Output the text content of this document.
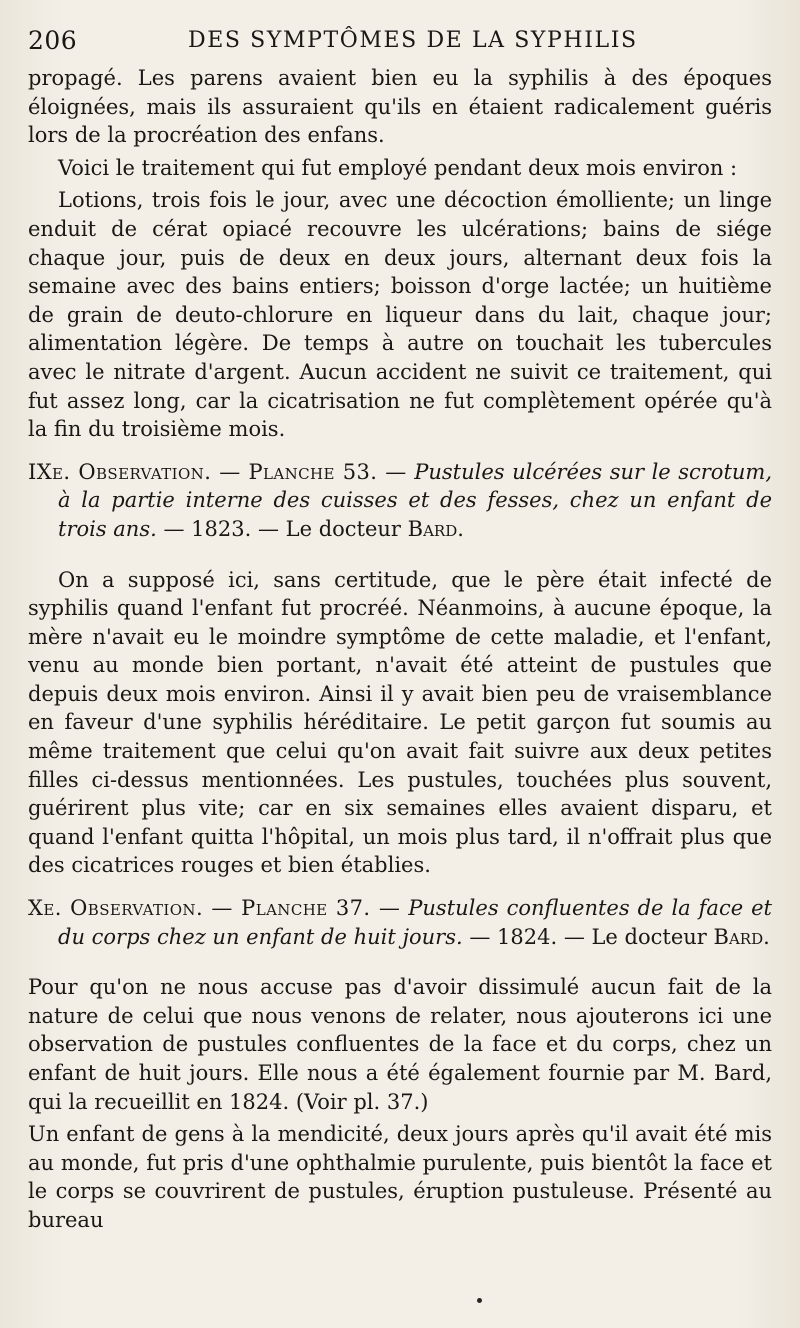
206	DES SYMPTÔMES DE LA SYPHILIS

propagé. Les parens avaient bien eu la syphilis à des époques éloignées, mais ils assuraient qu'ils en étaient radicalement guéris lors de la procréation des enfans.

Voici le traitement qui fut employé pendant deux mois environ :

Lotions, trois fois le jour, avec une décoction émolliente; un linge enduit de cérat opiacé recouvre les ulcérations; bains de siége chaque jour, puis de deux en deux jours, alternant deux fois la semaine avec des bains entiers; boisson d'orge lactée; un huitième de grain de deuto-chlorure en liqueur dans du lait, chaque jour; alimentation légère. De temps à autre on touchait les tubercules avec le nitrate d'argent. Aucun accident ne suivit ce traitement, qui fut assez long, car la cicatrisation ne fut complètement opérée qu'à la fin du troisième mois.

IXe. Observation. — Planche 53. — Pustules ulcérées sur le scrotum, à la partie interne des cuisses et des fesses, chez un enfant de trois ans. — 1823. — Le docteur Bard.

On a supposé ici, sans certitude, que le père était infecté de syphilis quand l'enfant fut procréé. Néanmoins, à aucune époque, la mère n'avait eu le moindre symptôme de cette maladie, et l'enfant, venu au monde bien portant, n'avait été atteint de pustules que depuis deux mois environ. Ainsi il y avait bien peu de vraisemblance en faveur d'une syphilis héréditaire. Le petit garçon fut soumis au même traitement que celui qu'on avait fait suivre aux deux petites filles ci-dessus mentionnées. Les pustules, touchées plus souvent, guérirent plus vite; car en six semaines elles avaient disparu, et quand l'enfant quitta l'hôpital, un mois plus tard, il n'offrait plus que des cicatrices rouges et bien établies.

Xe. Observation. — Planche 37. — Pustules confluentes de la face et du corps chez un enfant de huit jours. — 1824. — Le docteur Bard.

Pour qu'on ne nous accuse pas d'avoir dissimulé aucun fait de la nature de celui que nous venons de relater, nous ajouterons ici une observation de pustules confluentes de la face et du corps, chez un enfant de huit jours. Elle nous a été également fournie par M. Bard, qui la recueillit en 1824. (Voir pl. 37.)

Un enfant de gens à la mendicité, deux jours après qu'il avait été mis au monde, fut pris d'une ophthalmie purulente, puis bientôt la face et le corps se couvrirent de pustules, éruption pustuleuse. Présenté au bureau
